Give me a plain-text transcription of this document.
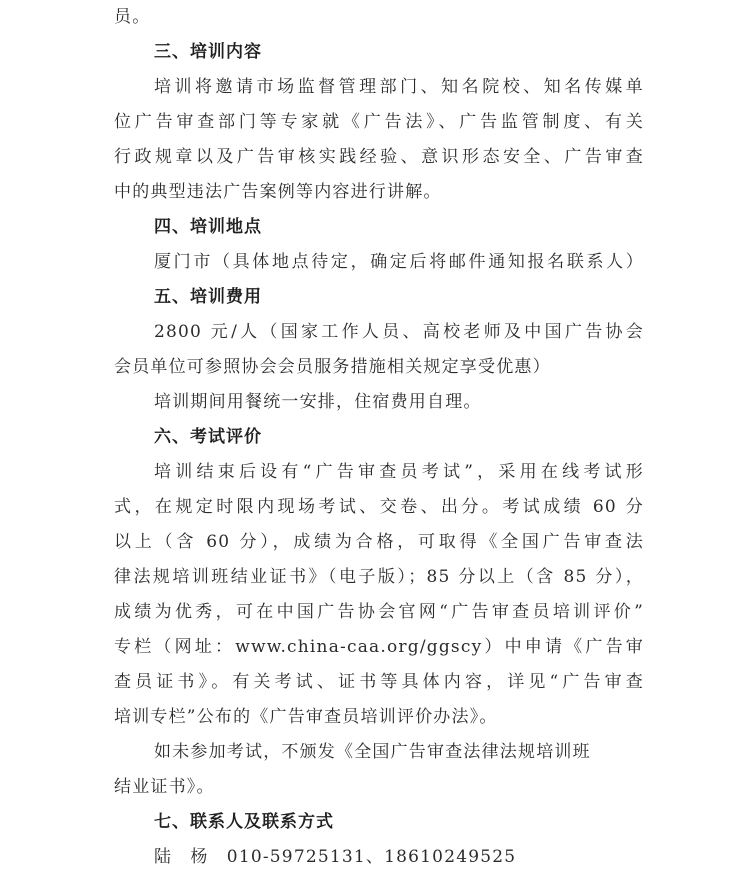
员。
三、培训内容
培训将邀请市场监督管理部门、知名院校、知名传媒单
位广告审查部门等专家就《广告法》、广告监管制度、有关
行政规章以及广告审核实践经验、意识形态安全、广告审查
中的典型违法广告案例等内容进行讲解。
四、培训地点
厦门市（具体地点待定，确定后将邮件通知报名联系人）
五、培训费用
2800 元/人（国家工作人员、高校老师及中国广告协会
会员单位可参照协会会员服务措施相关规定享受优惠）
培训期间用餐统一安排，住宿费用自理。
六、考试评价
培训结束后设有“广告审查员考试”，采用在线考试形
式，在规定时限内现场考试、交卷、出分。考试成绩 60 分
以上（含 60 分），成绩为合格，可取得《全国广告审查法
律法规培训班结业证书》（电子版）；85 分以上（含 85 分），
成绩为优秀，可在中国广告协会官网“广告审查员培训评价”
专栏（网址：www.china-caa.org/ggscy）中申请《广告审
查员证书》。有关考试、证书等具体内容，详见“广告审查
培训专栏”公布的《广告审查员培训评价办法》。
如未参加考试，不颁发《全国广告审查法律法规培训班
结业证书》。
七、联系人及联系方式
陆　杨　010-59725131、18610249525
